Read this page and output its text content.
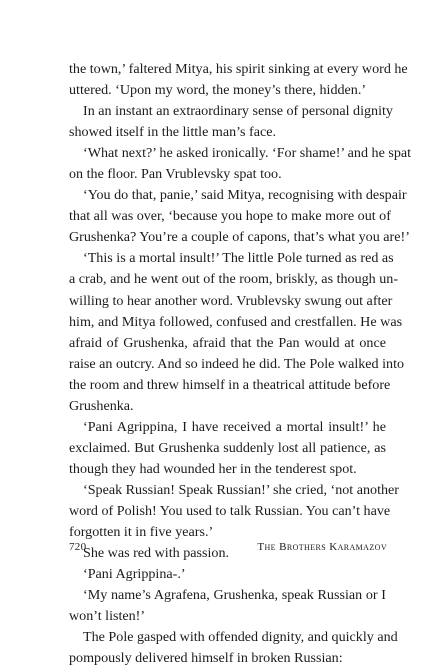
the town,’ faltered Mitya, his spirit sinking at every word he
uttered. ‘Upon my word, the money’s there, hidden.’
In an instant an extraordinary sense of personal dignity
showed itself in the little man’s face.
‘What next?’ he asked ironically. ‘For shame!’ and he spat
on the floor. Pan Vrublevsky spat too.
‘You do that, panie,’ said Mitya, recognising with despair
that all was over, ‘because you hope to make more out of
Grushenka? You’re a couple of capons, that’s what you are!’
‘This is a mortal insult!’ The little Pole turned as red as
a crab, and he went out of the room, briskly, as though un-
willing to hear another word. Vrublevsky swung out after
him, and Mitya followed, confused and crestfallen. He was
afraid of Grushenka, afraid that the Pan would at once
raise an outcry. And so indeed he did. The Pole walked into
the room and threw himself in a theatrical attitude before
Grushenka.
‘Pani Agrippina, I have received a mortal insult!’ he
exclaimed. But Grushenka suddenly lost all patience, as
though they had wounded her in the tenderest spot.
‘Speak Russian! Speak Russian!’ she cried, ‘not another
word of Polish! You used to talk Russian. You can’t have
forgotten it in five years.’
She was red with passion.
‘Pani Agrippina-.’
‘My name’s Agrafena, Grushenka, speak Russian or I
won’t listen!’
The Pole gasped with offended dignity, and quickly and
pompously delivered himself in broken Russian:
720	The Brothers Karamazov
